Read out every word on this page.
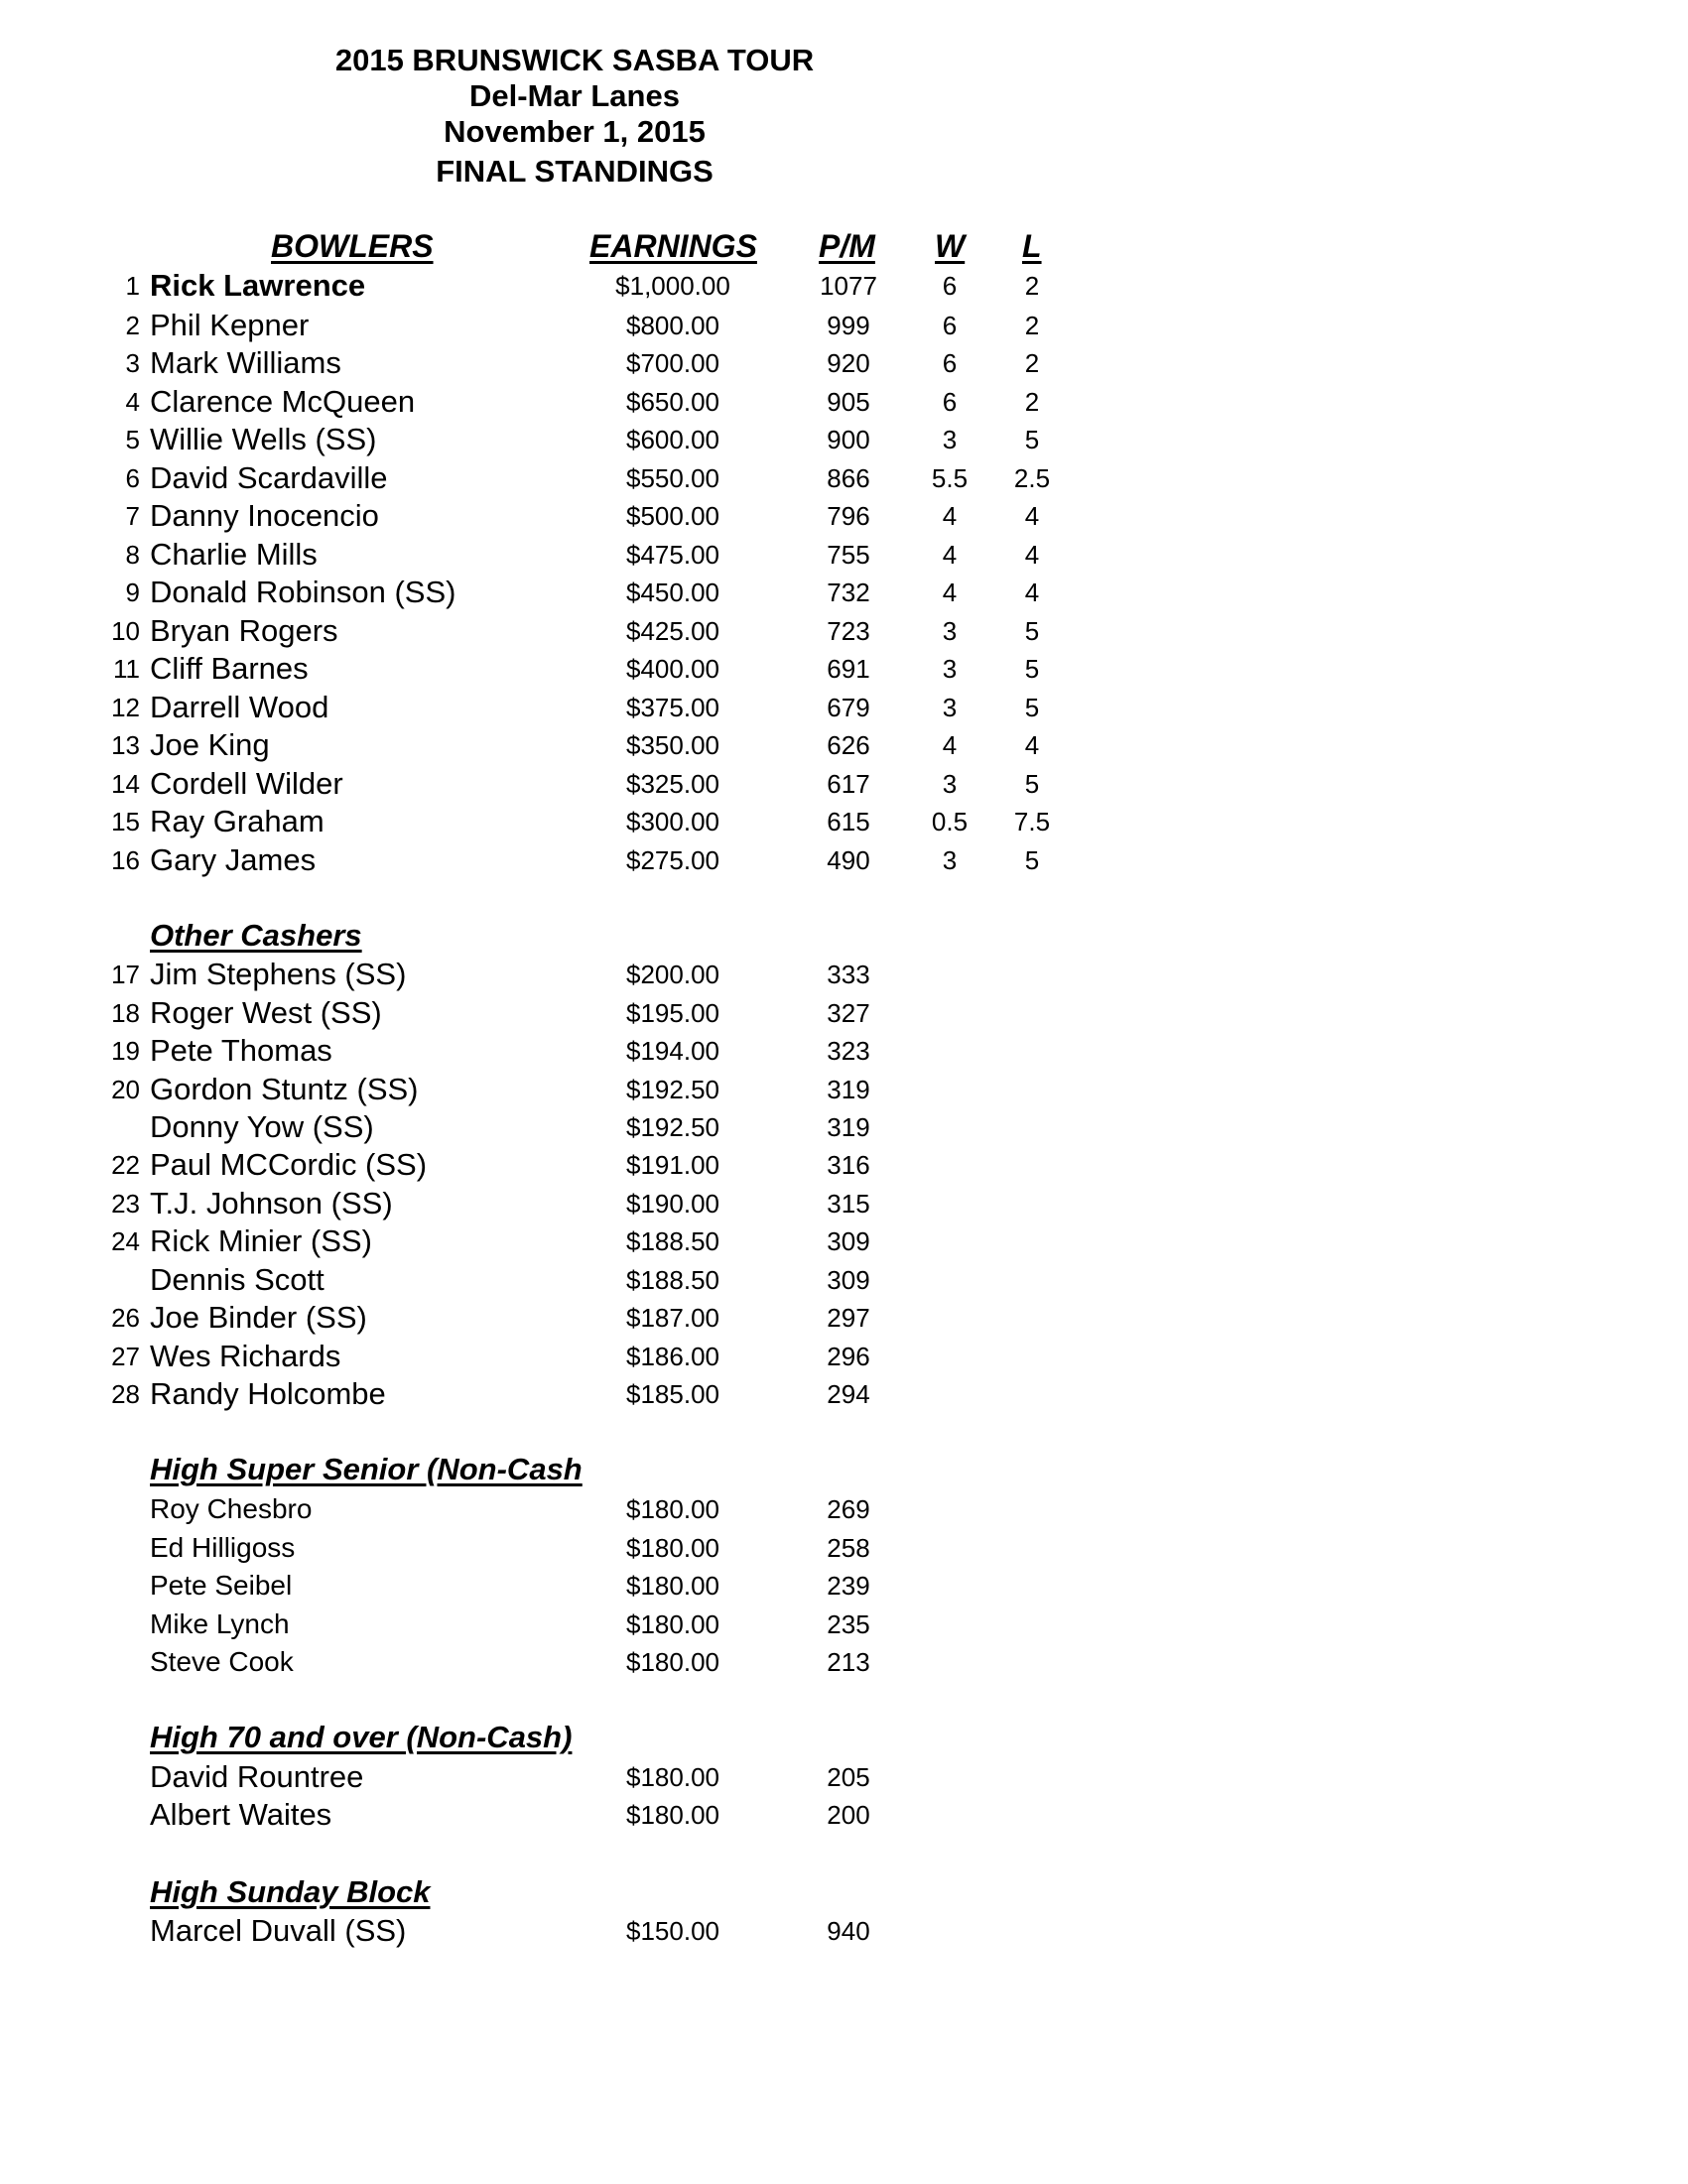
2015 BRUNSWICK SASBA TOUR
Del-Mar Lanes
November 1, 2015
FINAL STANDINGS
BOWLERS	EARNINGS P/M W L
1 Rick Lawrence	$1,000.00	1077	6	2
2 Phil Kepner	$800.00	999	6	2
3 Mark Williams	$700.00	920	6	2
4 Clarence McQueen	$650.00	905	6	2
5 Willie Wells (SS)	$600.00	900	3	5
6 David Scardaville	$550.00	866	5.5	2.5
7 Danny Inocencio	$500.00	796	4	4
8 Charlie Mills	$475.00	755	4	4
9 Donald Robinson (SS)	$450.00	732	4	4
10 Bryan Rogers	$425.00	723	3	5
11 Cliff Barnes	$400.00	691	3	5
12 Darrell Wood	$375.00	679	3	5
13 Joe King	$350.00	626	4	4
14 Cordell Wilder	$325.00	617	3	5
15 Ray Graham	$300.00	615	0.5	7.5
16 Gary James	$275.00	490	3	5
Other Cashers
17 Jim Stephens (SS)	$200.00	333
18 Roger West (SS)	$195.00	327
19 Pete Thomas	$194.00	323
20 Gordon Stuntz (SS)	$192.50	319
Donny Yow (SS)	$192.50	319
22 Paul MCCordic (SS)	$191.00	316
23 T.J. Johnson (SS)	$190.00	315
24 Rick Minier (SS)	$188.50	309
Dennis Scott	$188.50	309
26 Joe Binder (SS)	$187.00	297
27 Wes Richards	$186.00	296
28 Randy Holcombe	$185.00	294
High Super Senior (Non-Cash
Roy Chesbro	$180.00	269
Ed Hilligoss	$180.00	258
Pete Seibel	$180.00	239
Mike Lynch	$180.00	235
Steve Cook	$180.00	213
High 70 and over (Non-Cash)
David Rountree	$180.00	205
Albert Waites	$180.00	200
High Sunday Block
Marcel Duvall (SS)	$150.00	940
